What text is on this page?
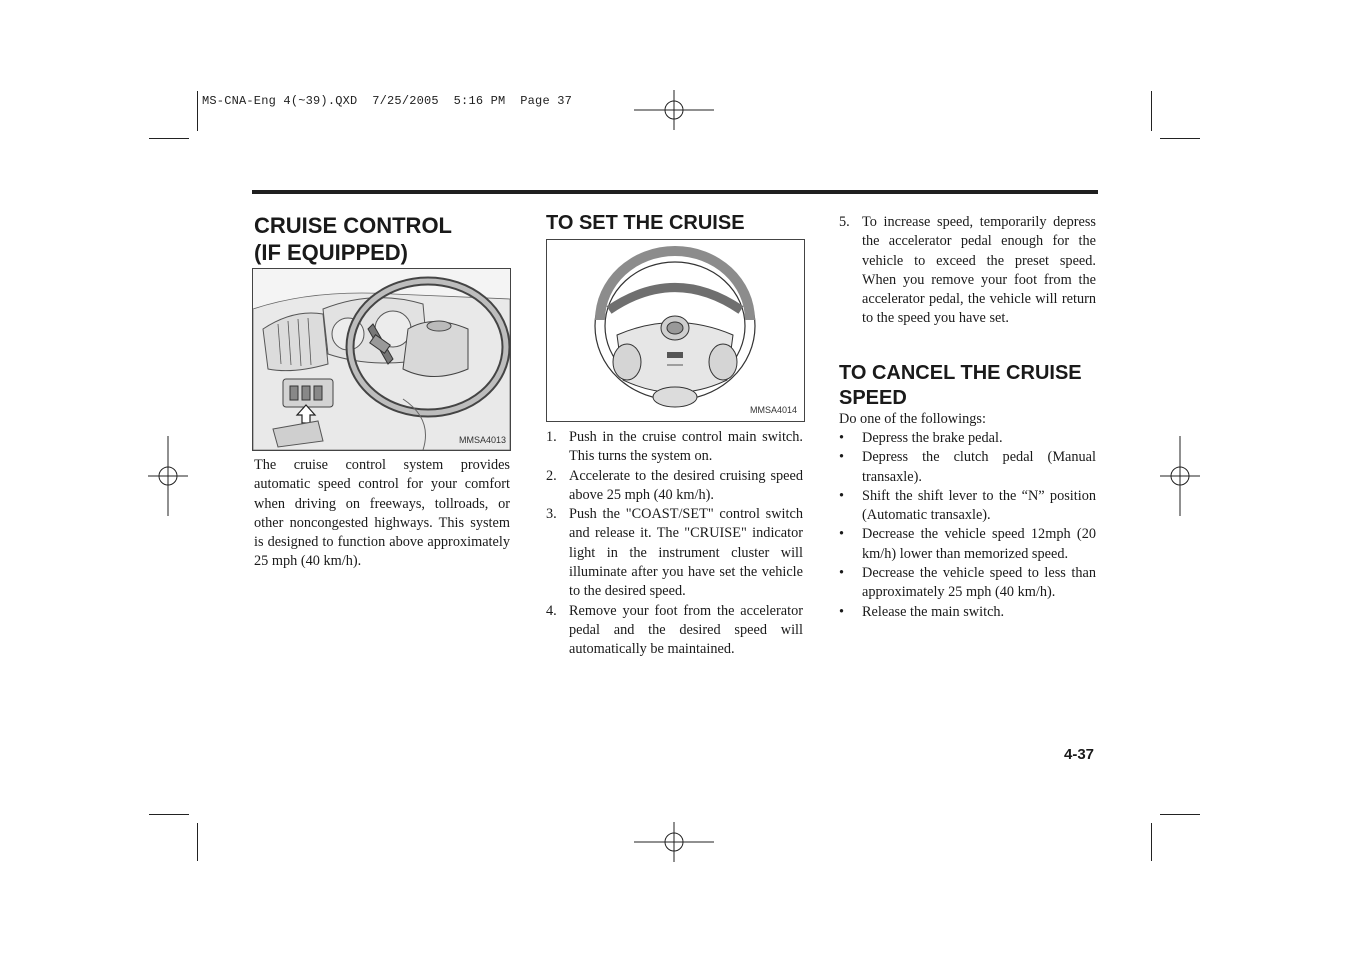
MS-CNA-Eng 4(~39).QXD  7/25/2005  5:16 PM  Page 37
CRUISE CONTROL
(IF EQUIPPED)
MMSA4013
The cruise control system provides automatic speed control for your comfort when driving on freeways, tollroads, or other noncongested highways. This system is designed to function above approximately 25 mph (40 km/h).
TO SET THE CRUISE
MMSA4014
1. Push in the cruise control main switch. This turns the system on.
2. Accelerate to the desired cruising speed above 25 mph (40 km/h).
3. Push the "COAST/SET" control switch and release it. The "CRUISE" indicator light in the instrument cluster will illuminate after you have set the vehicle to the desired speed.
4. Remove your foot from the accelerator pedal and the desired speed will automatically be maintained.
5. To increase speed, temporarily depress the accelerator pedal enough for the vehicle to exceed the preset speed. When you remove your foot from the accelerator pedal, the vehicle will return to the speed you have set.
TO CANCEL THE CRUISE SPEED
Do one of the followings:
• Depress the brake pedal.
• Depress the clutch pedal (Manual transaxle).
• Shift the shift lever to the “N” position (Automatic transaxle).
• Decrease the vehicle speed 12mph (20 km/h) lower than memorized speed.
• Decrease the vehicle speed to less than approximately 25 mph (40 km/h).
• Release the main switch.
4-37
